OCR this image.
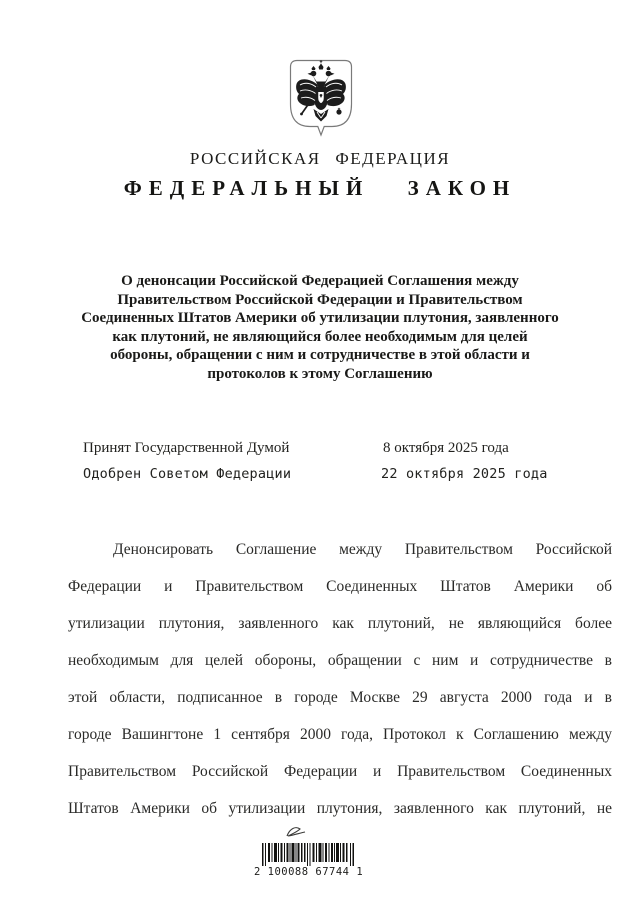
РОССИЙСКАЯ ФЕДЕРАЦИЯ
ФЕДЕРАЛЬНЫЙ ЗАКОН
О денонсации Российской Федерацией Соглашения между
Правительством Российской Федерации и Правительством
Соединенных Штатов Америки об утилизации плутония, заявленного
как плутоний, не являющийся более необходимым для целей
обороны, обращении с ним и сотрудничестве в этой области и
протоколов к этому Соглашению
Принят Государственной Думой	8 октября 2025 года
Одобрен Советом Федерации	22 октября 2025 года
Денонсировать Соглашение между Правительством Российской
Федерации и Правительством Соединенных Штатов Америки об
утилизации плутония, заявленного как плутоний, не являющийся более
необходимым для целей обороны, обращении с ним и сотрудничестве в
этой области, подписанное в городе Москве 29 августа 2000 года и в
городе Вашингтоне 1 сентября 2000 года, Протокол к Соглашению между
Правительством Российской Федерации и Правительством Соединенных
Штатов Америки об утилизации плутония, заявленного как плутоний, не
2 100088 67744 1
